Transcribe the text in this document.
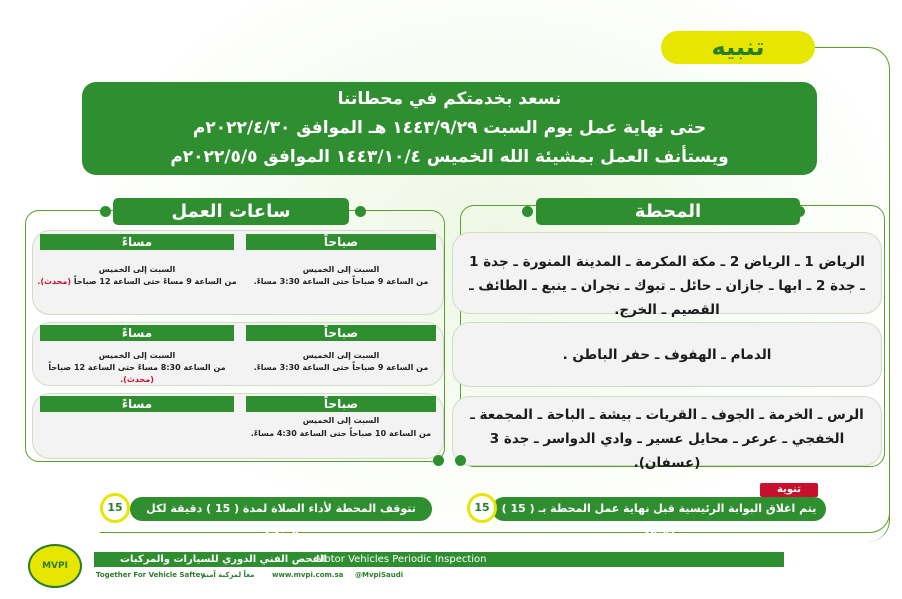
تنبيه
نسعد بخدمتكم في محطاتنا
حتى نهاية عمل يوم السبت ١٤٤٣/٩/٢٩ هـ الموافق ٢٠٢٢/٤/٣٠م
ويستأنف العمل بمشيئة الله الخميس ١٤٤٣/١٠/٤ الموافق ٢٠٢٢/٥/٥م
المحطة
ساعات العمل
الرياض 1 ـ الرياض 2 ـ مكة المكرمة ـ المدينة المنورة ـ جدة 1 ـ جدة 2 ـ ابها ـ جازان ـ حائل ـ تبوك ـ نجران ـ ينبع ـ الطائف ـ القصيم ـ الخرج.
الدمام ـ الهفوف ـ حفر الباطن .
الرس ـ الخرمة ـ الجوف ـ القريات ـ بيشة ـ الباحة ـ المجمعة ـ الخفجي ـ عرعر ـ محايل عسير ـ وادي الدواسر ـ جدة 3 (عسفان).
صباحاً
السبت إلى الخميس
من الساعة 9 صباحاً حتى الساعة 3:30 مساءً.
مساءً
السبت إلى الخميس
من الساعة 9 مساءً حتى الساعة 12 صباحاً (محدث).
صباحاً
السبت إلى الخميس
من الساعة 9 صباحاً حتى الساعة 3:30 مساءً.
مساءً
السبت إلى الخميس
من الساعة 8:30 مساءً حتى الساعة 12 صباحاً (محدث).
صباحاً
السبت إلى الخميس
من الساعة 10 صباحاً حتى الساعة 4:30 مساءً.
مساءً
تنوية
يتم اغلاق البوابة الرئيسية قبل نهاية عمل المحطة بـ ( 15 ) دقيقة
15
تتوقف المحطة لأداء الصلاة لمدة ( 15 ) دقيقة لكل فريضة
15
MVPI
الفحص الفني الدوري للسيارات والمركبات
Motor Vehicles Periodic Inspection
Together For Vehicle Saftey
معاً لمركبة آمنة	www.mvpi.com.sa @MvpiSaudi
